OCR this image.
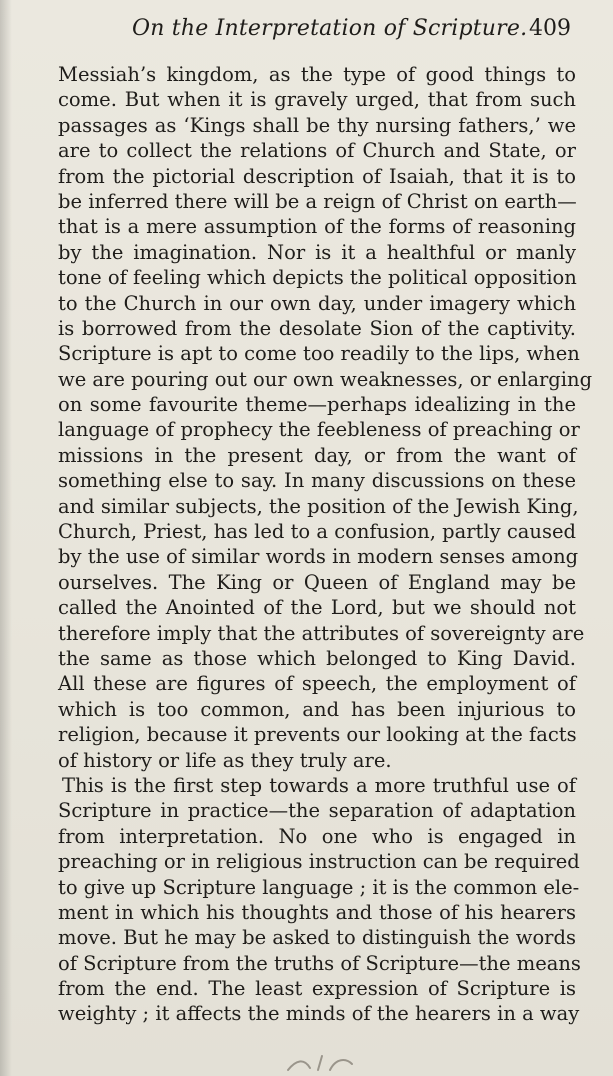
On the Interpretation of Scripture. 409
Messiah’s kingdom, as the type of good things to
come. But when it is gravely urged, that from such
passages as ‘Kings shall be thy nursing fathers,’ we
are to collect the relations of Church and State, or
from the pictorial description of Isaiah, that it is to
be inferred there will be a reign of Christ on earth—
that is a mere assumption of the forms of reasoning
by the imagination. Nor is it a healthful or manly
tone of feeling which depicts the political opposition
to the Church in our own day, under imagery which
is borrowed from the desolate Sion of the captivity.
Scripture is apt to come too readily to the lips, when
we are pouring out our own weaknesses, or enlarging
on some favourite theme—perhaps idealizing in the
language of prophecy the feebleness of preaching or
missions in the present day, or from the want of
something else to say. In many discussions on these
and similar subjects, the position of the Jewish King,
Church, Priest, has led to a confusion, partly caused
by the use of similar words in modern senses among
ourselves. The King or Queen of England may be
called the Anointed of the Lord, but we should not
therefore imply that the attributes of sovereignty are
the same as those which belonged to King David.
All these are figures of speech, the employment of
which is too common, and has been injurious to
religion, because it prevents our looking at the facts
of history or life as they truly are.
This is the first step towards a more truthful use of
Scripture in practice—the separation of adaptation
from interpretation. No one who is engaged in
preaching or in religious instruction can be required
to give up Scripture language ; it is the common ele-
ment in which his thoughts and those of his hearers
move. But he may be asked to distinguish the words
of Scripture from the truths of Scripture—the means
from the end. The least expression of Scripture is
weighty ; it affects the minds of the hearers in a way
